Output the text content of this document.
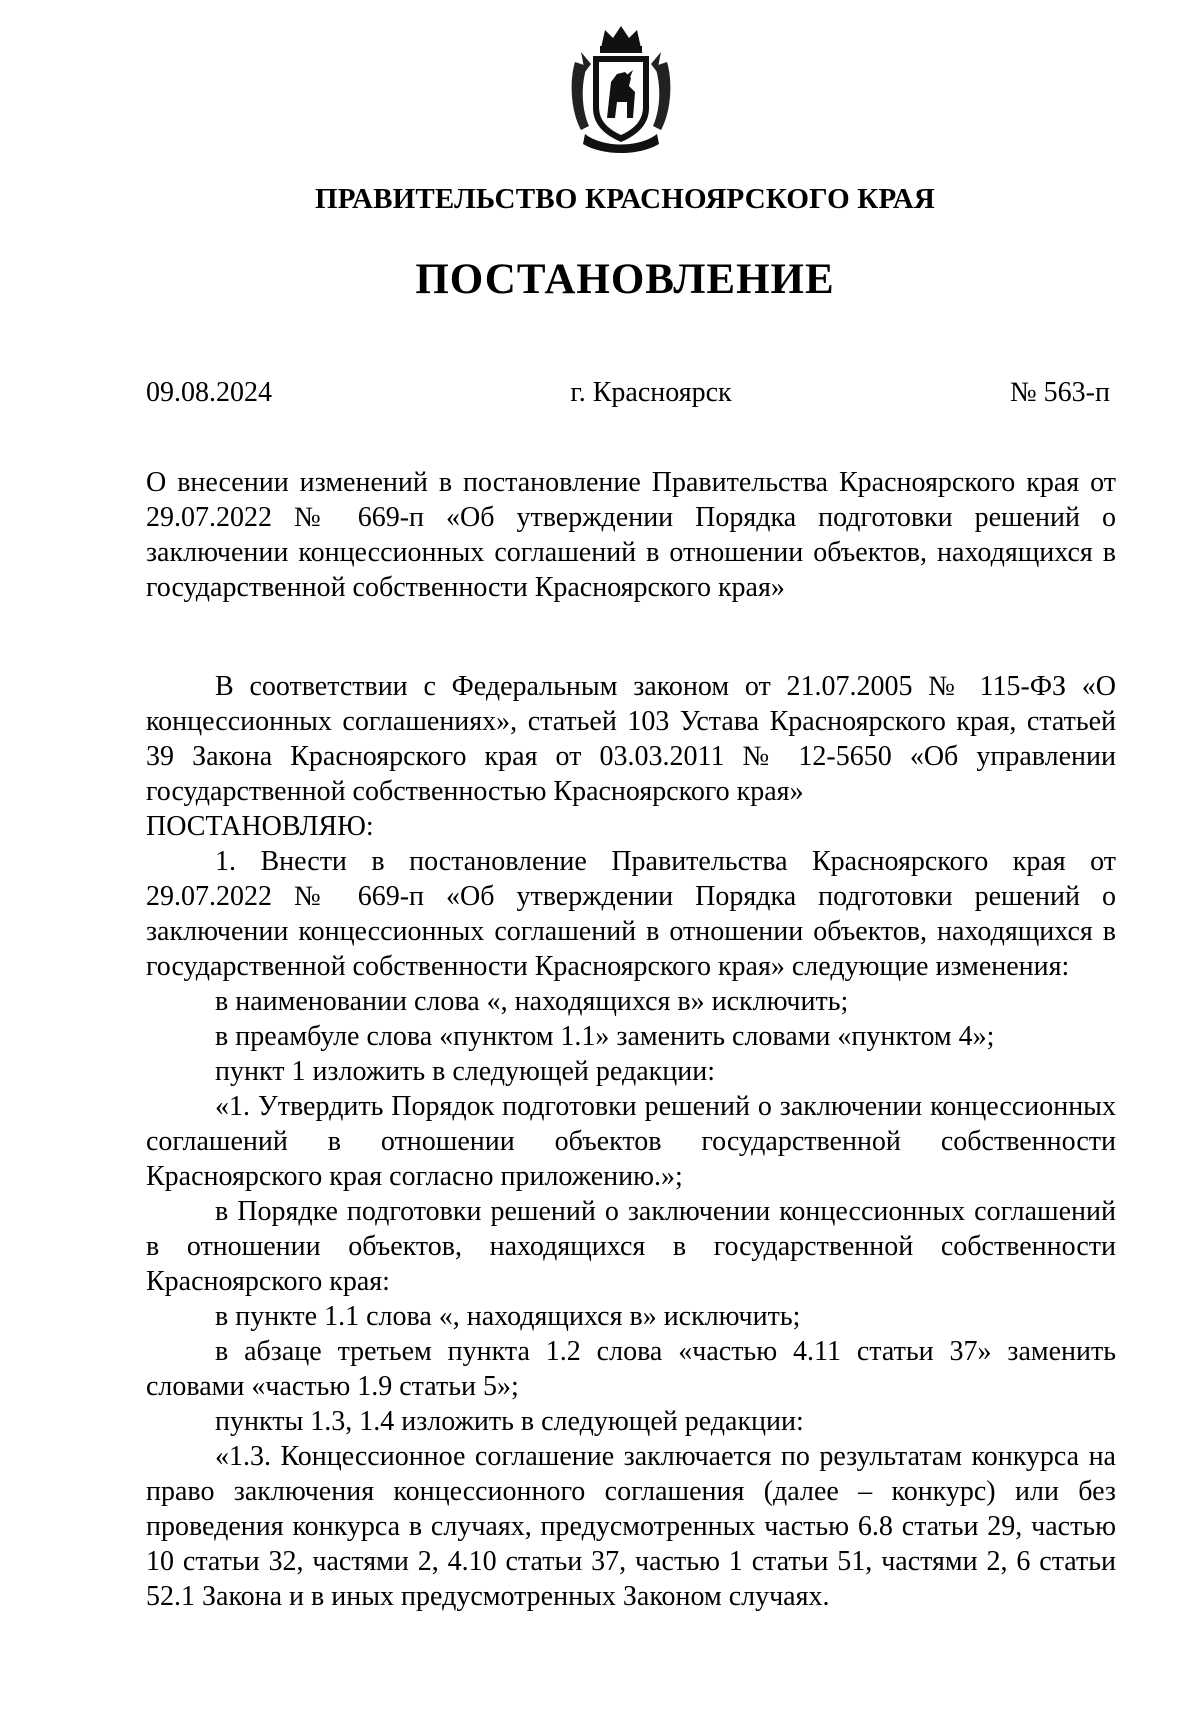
ПРАВИТЕЛЬСТВО КРАСНОЯРСКОГО КРАЯ
ПОСТАНОВЛЕНИЕ
09.08.2024	г. Красноярск	№ 563-п

О внесении изменений в постановление Правительства Красноярского края от 29.07.2022 № 669-п «Об утверждении Порядка подготовки решений о заключении концессионных соглашений в отношении объектов, находящихся в государственной собственности Красноярского края»

В соответствии с Федеральным законом от 21.07.2005 № 115-ФЗ «О концессионных соглашениях», статьей 103 Устава Красноярского края, статьей 39 Закона Красноярского края от 03.03.2011 № 12-5650 «Об управлении государственной собственностью Красноярского края»

ПОСТАНОВЛЯЮ:

1. Внести в постановление Правительства Красноярского края от 29.07.2022 № 669-п «Об утверждении Порядка подготовки решений о заключении концессионных соглашений в отношении объектов, находящихся в государственной собственности Красноярского края» следующие изменения:

в наименовании слова «, находящихся в» исключить;

в преамбуле слова «пунктом 1.1» заменить словами «пунктом 4»;

пункт 1 изложить в следующей редакции:

«1. Утвердить Порядок подготовки решений о заключении концессионных соглашений в отношении объектов государственной собственности Красноярского края согласно приложению.»;

в Порядке подготовки решений о заключении концессионных соглашений в отношении объектов, находящихся в государственной собственности Красноярского края:

в пункте 1.1 слова «, находящихся в» исключить;

в абзаце третьем пункта 1.2 слова «частью 4.11 статьи 37» заменить словами «частью 1.9 статьи 5»;

пункты 1.3, 1.4 изложить в следующей редакции:

«1.3. Концессионное соглашение заключается по результатам конкурса на право заключения концессионного соглашения (далее – конкурс) или без проведения конкурса в случаях, предусмотренных частью 6.8 статьи 29, частью 10 статьи 32, частями 2, 4.10 статьи 37, частью 1 статьи 51, частями 2, 6 статьи 52.1 Закона и в иных предусмотренных Законом случаях.
